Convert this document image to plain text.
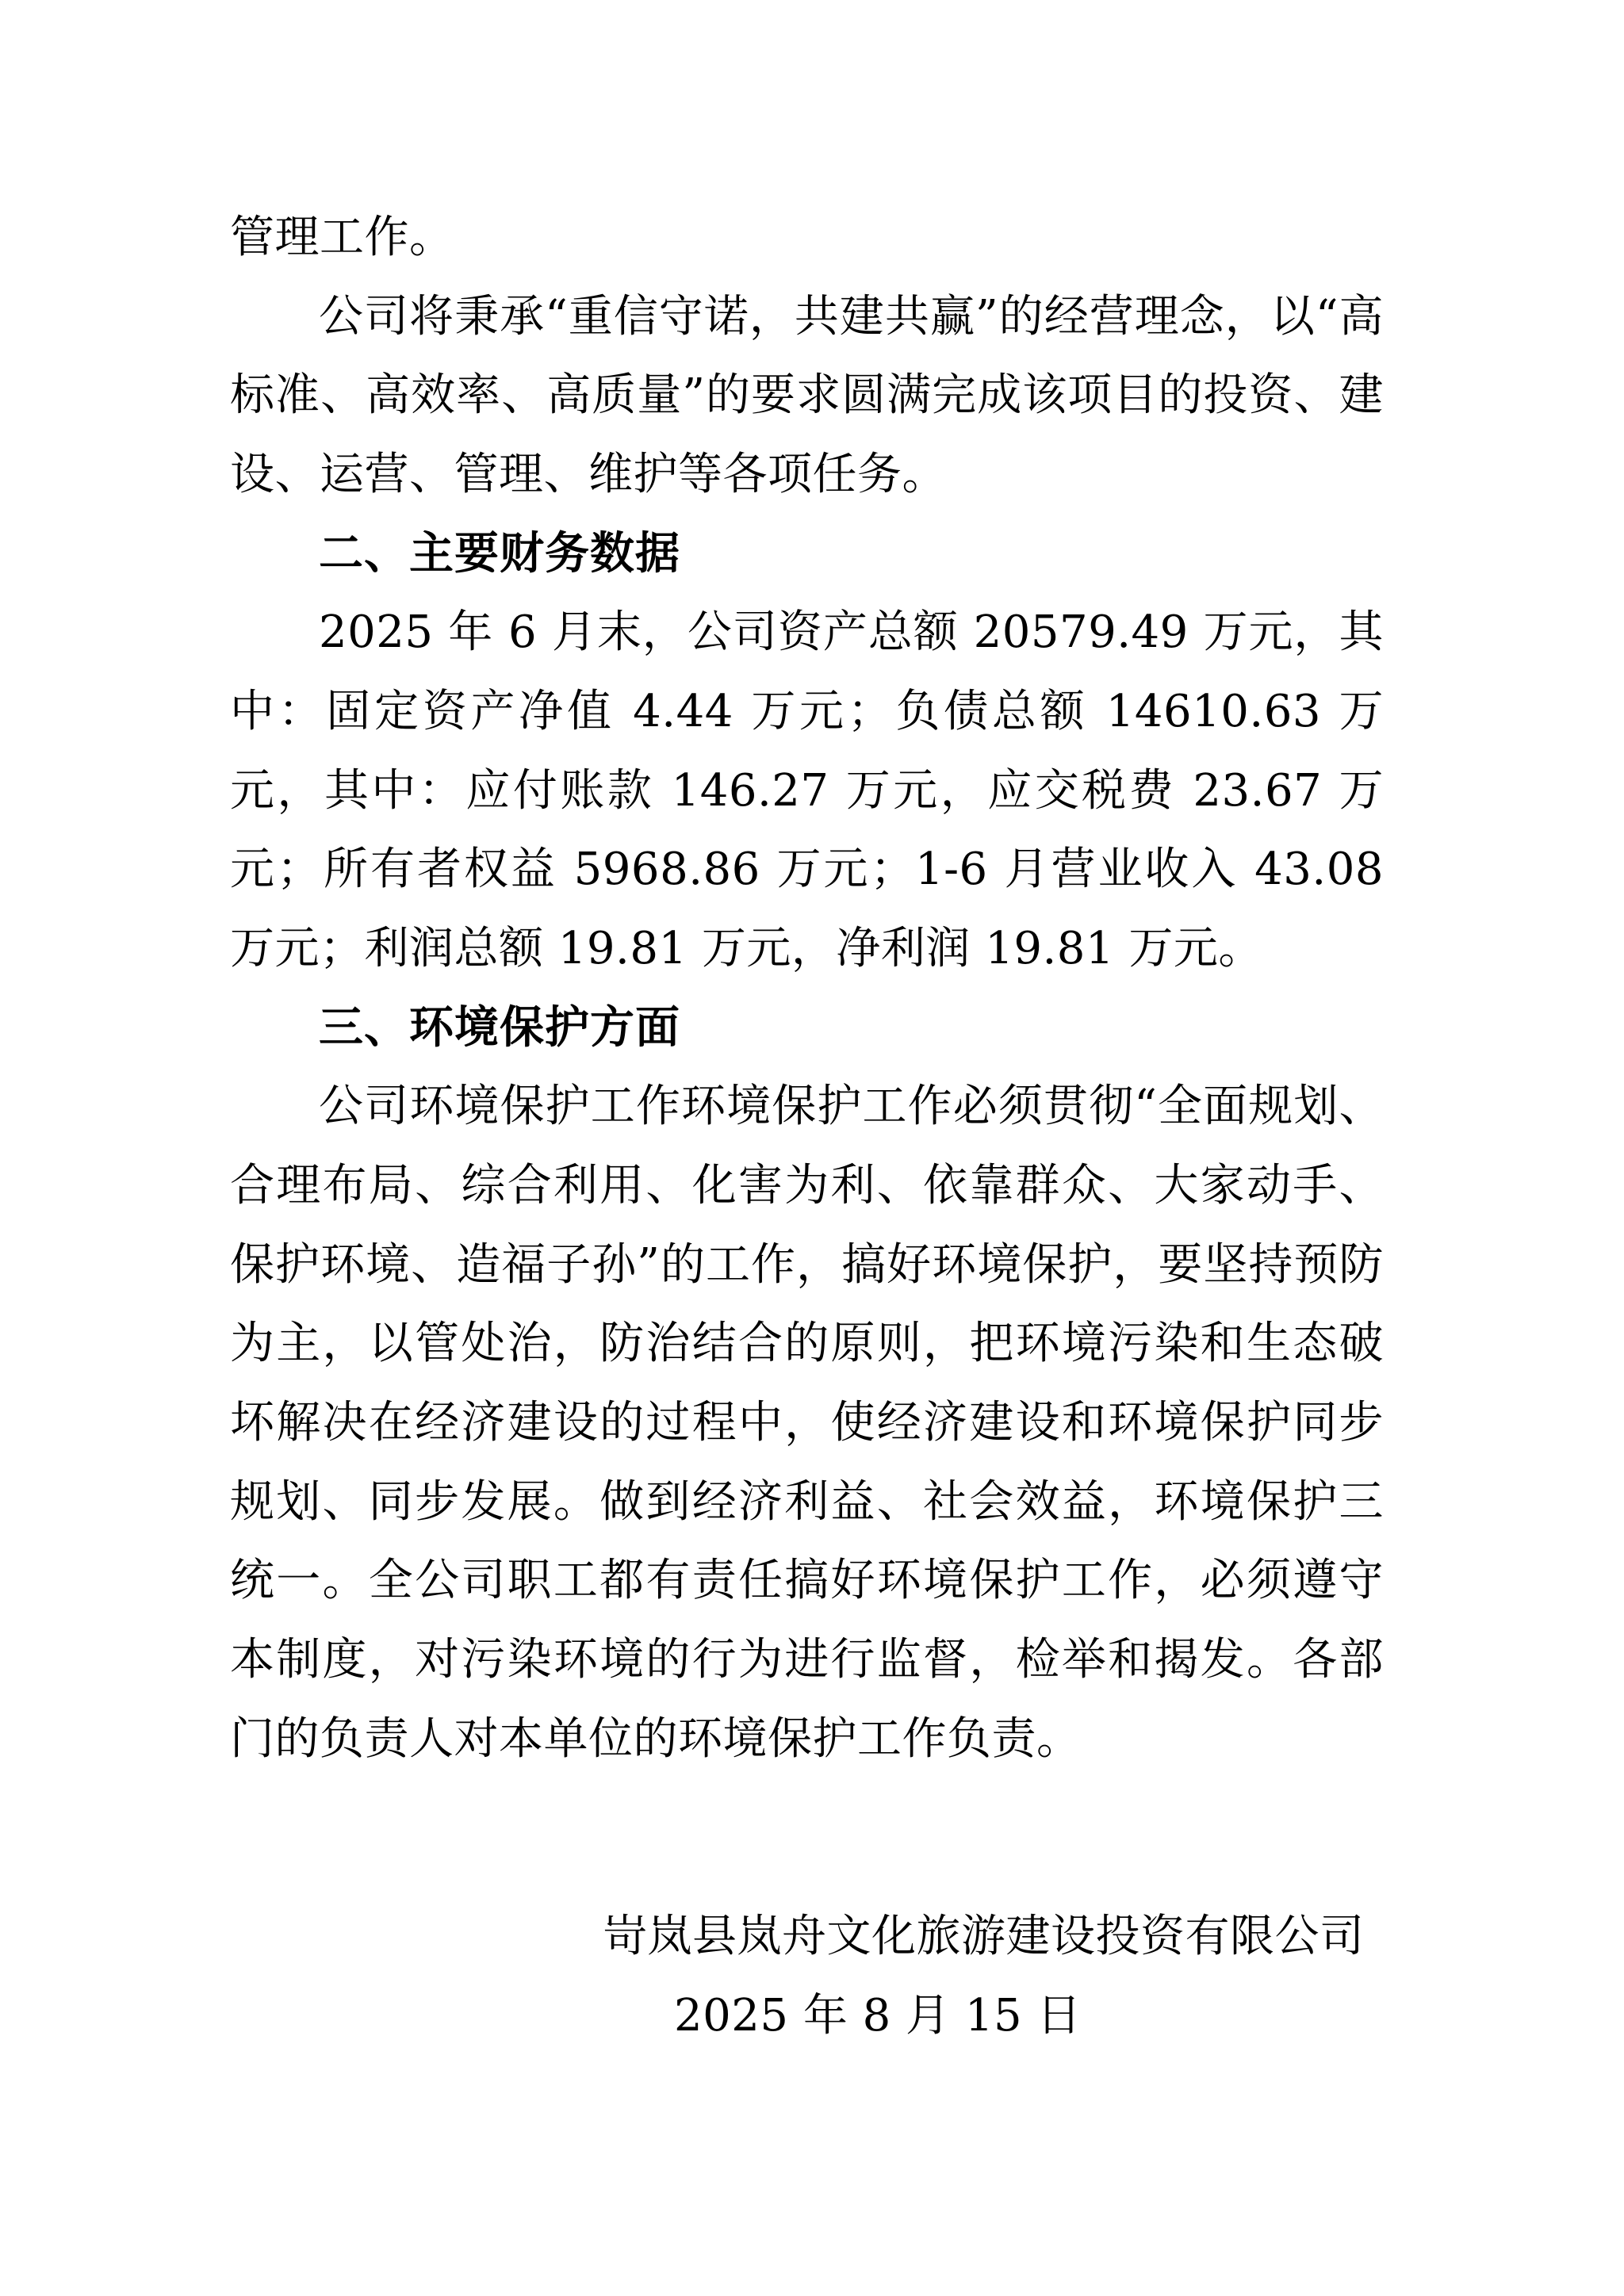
管理工作。

公司将秉承“重信守诺，共建共赢”的经营理念，以“高标准、高效率、高质量”的要求圆满完成该项目的投资、建设、运营、管理、维护等各项任务。

二、主要财务数据

2025 年 6 月末，公司资产总额 20579.49 万元，其中：固定资产净值 4.44 万元；负债总额 14610.63 万元，其中：应付账款 146.27 万元，应交税费 23.67 万元；所有者权益 5968.86 万元；1-6 月营业收入 43.08 万元；利润总额 19.81 万元，净利润 19.81 万元。

三、环境保护方面

公司环境保护工作环境保护工作必须贯彻“全面规划、合理布局、综合利用、化害为利、依靠群众、大家动手、保护环境、造福子孙”的工作，搞好环境保护，要坚持预防为主，以管处治，防治结合的原则，把环境污染和生态破坏解决在经济建设的过程中，使经济建设和环境保护同步规划、同步发展。做到经济利益、社会效益，环境保护三统一。全公司职工都有责任搞好环境保护工作，必须遵守本制度，对污染环境的行为进行监督，检举和揭发。各部门的负责人对本单位的环境保护工作负责。

岢岚县岚舟文化旅游建设投资有限公司
2025 年 8 月 15 日
